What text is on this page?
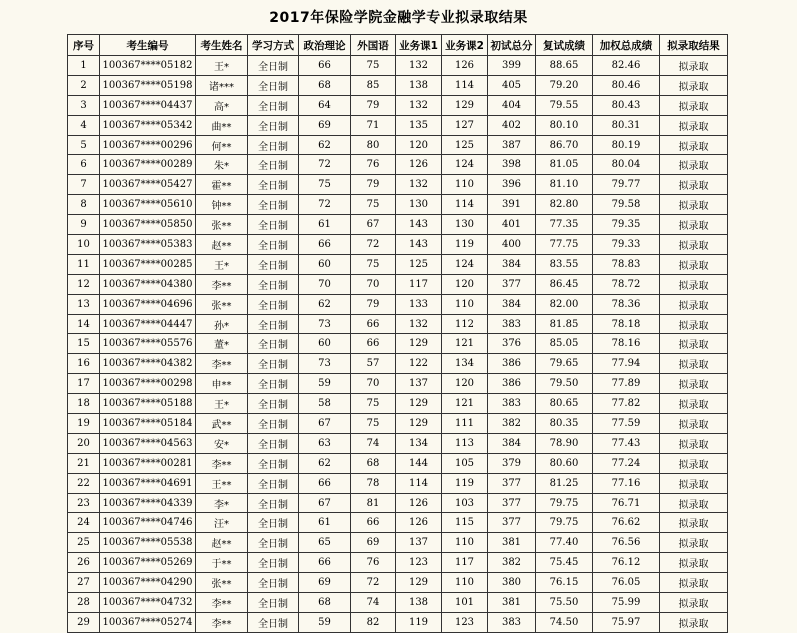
2017年保险学院金融学专业拟录取结果
序号	考生编号	考生姓名	学习方式	政治理论	外国语	业务课1	业务课2	初试总分	复试成绩	加权总成绩	拟录取结果
1	100367****05182	王*	全日制	66	75	132	126	399	88.65	82.46	拟录取
2	100367****05198	诸***	全日制	68	85	138	114	405	79.20	80.46	拟录取
3	100367****04437	高*	全日制	64	79	132	129	404	79.55	80.43	拟录取
4	100367****05342	曲**	全日制	69	71	135	127	402	80.10	80.31	拟录取
5	100367****00296	何**	全日制	62	80	120	125	387	86.70	80.19	拟录取
6	100367****00289	朱*	全日制	72	76	126	124	398	81.05	80.04	拟录取
7	100367****05427	霍**	全日制	75	79	132	110	396	81.10	79.77	拟录取
8	100367****05610	钟**	全日制	72	75	130	114	391	82.80	79.58	拟录取
9	100367****05850	张**	全日制	61	67	143	130	401	77.35	79.35	拟录取
10	100367****05383	赵**	全日制	66	72	143	119	400	77.75	79.33	拟录取
11	100367****00285	王*	全日制	60	75	125	124	384	83.55	78.83	拟录取
12	100367****04380	李**	全日制	70	70	117	120	377	86.45	78.72	拟录取
13	100367****04696	张**	全日制	62	79	133	110	384	82.00	78.36	拟录取
14	100367****04447	孙*	全日制	73	66	132	112	383	81.85	78.18	拟录取
15	100367****05576	董*	全日制	60	66	129	121	376	85.05	78.16	拟录取
16	100367****04382	李**	全日制	73	57	122	134	386	79.65	77.94	拟录取
17	100367****00298	申**	全日制	59	70	137	120	386	79.50	77.89	拟录取
18	100367****05188	王*	全日制	58	75	129	121	383	80.65	77.82	拟录取
19	100367****05184	武**	全日制	67	75	129	111	382	80.35	77.59	拟录取
20	100367****04563	安*	全日制	63	74	134	113	384	78.90	77.43	拟录取
21	100367****00281	李**	全日制	62	68	144	105	379	80.60	77.24	拟录取
22	100367****04691	王**	全日制	66	78	114	119	377	81.25	77.16	拟录取
23	100367****04339	李*	全日制	67	81	126	103	377	79.75	76.71	拟录取
24	100367****04746	汪*	全日制	61	66	126	115	377	79.75	76.62	拟录取
25	100367****05538	赵**	全日制	65	69	137	110	381	77.40	76.56	拟录取
26	100367****05269	于**	全日制	66	76	123	117	382	75.45	76.12	拟录取
27	100367****04290	张**	全日制	69	72	129	110	380	76.15	76.05	拟录取
28	100367****04732	李**	全日制	68	74	138	101	381	75.50	75.99	拟录取
29	100367****05274	李**	全日制	59	82	119	123	383	74.50	75.97	拟录取
